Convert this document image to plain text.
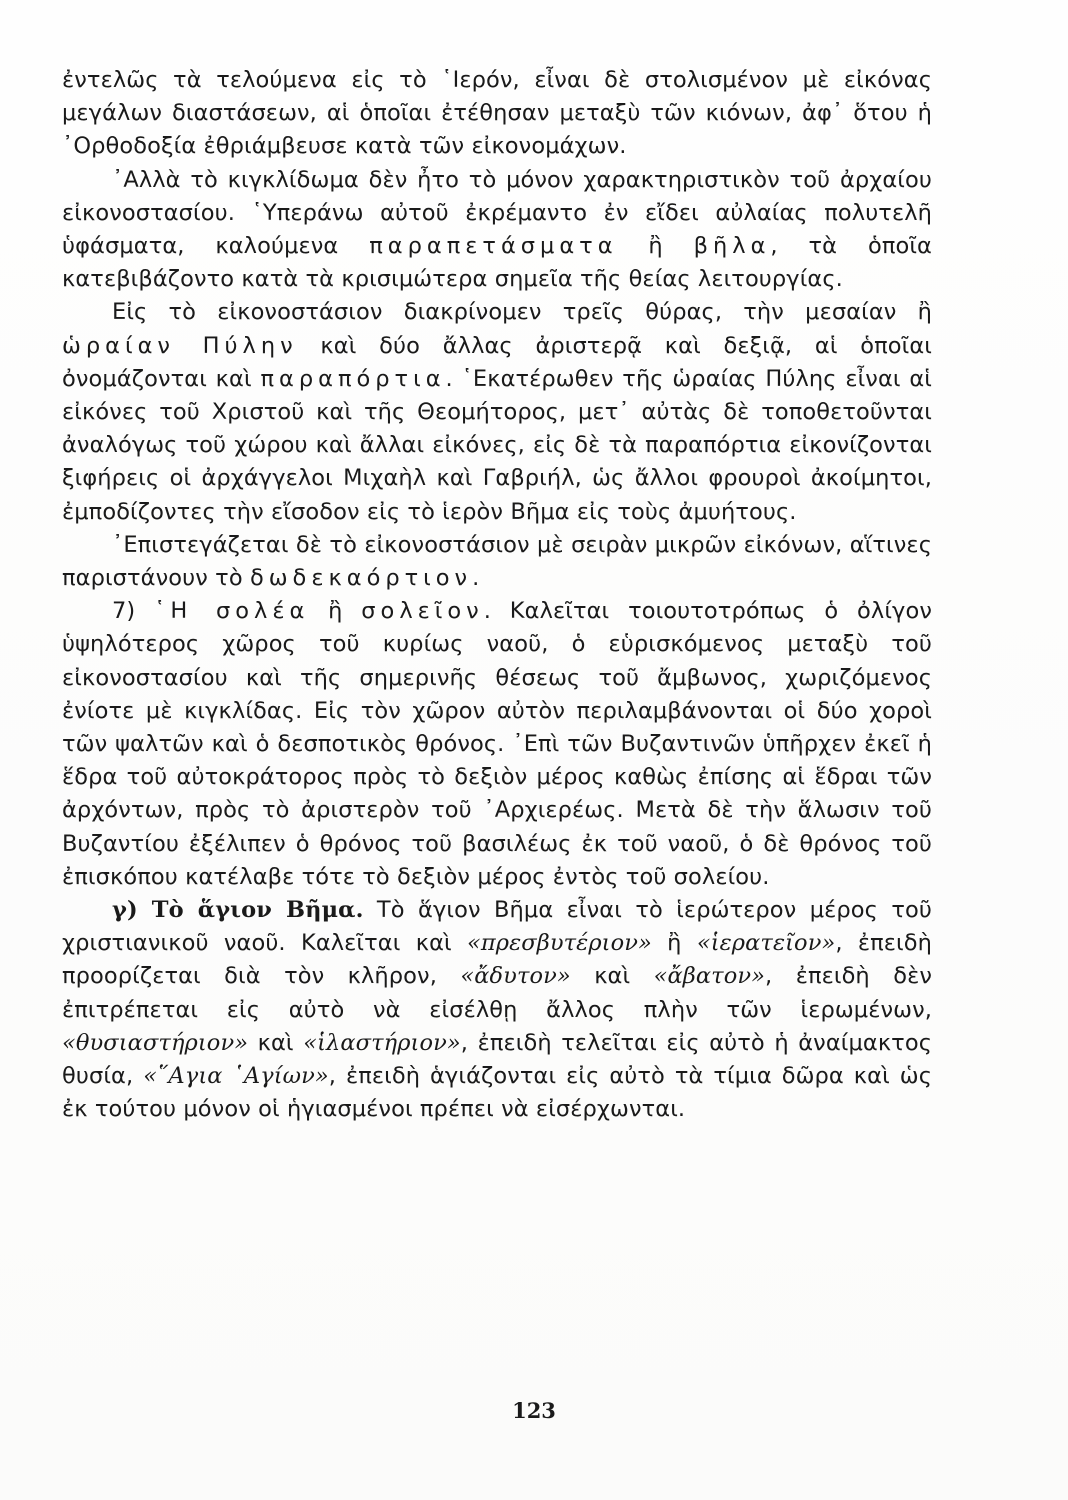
ἐντελῶς τὰ τελούμενα εἰς τὸ ῾Ιερόν, εἶναι δὲ στολισμένον μὲ εἰκόνας μεγάλων διαστάσεων, αἱ ὁποῖαι ἐτέθησαν μεταξὺ τῶν κιόνων, ἀφ᾿ ὅτου ἡ ᾿Ορθοδοξία ἐθριάμβευσε κατὰ τῶν εἰκονομάχων.

᾿Αλλὰ τὸ κιγκλίδωμα δὲν ἦτο τὸ μόνον χαρακτηριστικὸν τοῦ ἀρχαίου εἰκονοστασίου. ῾Υπεράνω αὐτοῦ ἐκρέμαντο ἐν εἴδει αὐλαίας πολυτελῆ ὑφάσματα, καλούμενα παραπετάσματα ἢ βῆλα, τὰ ὁποῖα κατεβιβάζοντο κατὰ τὰ κρισιμώτερα σημεῖα τῆς θείας λειτουργίας.

Εἰς τὸ εἰκονοστάσιον διακρίνομεν τρεῖς θύρας, τὴν μεσαίαν ἢ ὡραίαν Πύλην καὶ δύο ἄλλας ἀριστερᾷ καὶ δεξιᾷ, αἱ ὁποῖαι ὀνομάζονται καὶ παραπόρτια. ῾Εκατέρωθεν τῆς ὡραίας Πύλης εἶναι αἱ εἰκόνες τοῦ Χριστοῦ καὶ τῆς Θεομήτορος, μετ᾿ αὐτὰς δὲ τοποθετοῦνται ἀναλόγως τοῦ χώρου καὶ ἄλλαι εἰκόνες, εἰς δὲ τὰ παραπόρτια εἰκονίζονται ξιφήρεις οἱ ἀρχάγγελοι Μιχαὴλ καὶ Γαβριήλ, ὡς ἄλλοι φρουροὶ ἀκοίμητοι, ἐμποδίζοντες τὴν εἴσοδον εἰς τὸ ἱερὸν Βῆμα εἰς τοὺς ἀμυήτους.

᾿Επιστεγάζεται δὲ τὸ εἰκονοστάσιον μὲ σειρὰν μικρῶν εἰκόνων, αἵτινες παριστάνουν τὸ δωδεκαόρτιον.

7) ῾Η σολέα ἢ σολεῖον. Καλεῖται τοιουτοτρόπως ὁ ὀλίγον ὑψηλότερος χῶρος τοῦ κυρίως ναοῦ, ὁ εὑρισκόμενος μεταξὺ τοῦ εἰκονοστασίου καὶ τῆς σημερινῆς θέσεως τοῦ ἄμβωνος, χωριζόμενος ἐνίοτε μὲ κιγκλίδας. Εἰς τὸν χῶρον αὐτὸν περιλαμβάνονται οἱ δύο χοροὶ τῶν ψαλτῶν καὶ ὁ δεσποτικὸς θρόνος. ᾿Επὶ τῶν Βυζαντινῶν ὑπῆρχεν ἐκεῖ ἡ ἕδρα τοῦ αὐτοκράτορος πρὸς τὸ δεξιὸν μέρος καθὼς ἐπίσης αἱ ἕδραι τῶν ἀρχόντων, πρὸς τὸ ἀριστερὸν τοῦ ᾿Αρχιερέως. Μετὰ δὲ τὴν ἅλωσιν τοῦ Βυζαντίου ἐξέλιπεν ὁ θρόνος τοῦ βασιλέως ἐκ τοῦ ναοῦ, ὁ δὲ θρόνος τοῦ ἐπισκόπου κατέλαβε τότε τὸ δεξιὸν μέρος ἐντὸς τοῦ σολείου.

γ) Τὸ ἅγιον Βῆμα. Τὸ ἅγιον Βῆμα εἶναι τὸ ἱερώτερον μέρος τοῦ χριστιανικοῦ ναοῦ. Καλεῖται καὶ «πρεσβυτέριον» ἢ «ἱερατεῖον», ἐπειδὴ προορίζεται διὰ τὸν κλῆρον, «ἄδυτον» καὶ «ἄβατον», ἐπειδὴ δὲν ἐπιτρέπεται εἰς αὐτὸ νὰ εἰσέλθῃ ἄλλος πλὴν τῶν ἱερωμένων, «θυσιαστήριον» καὶ «ἱλαστήριον», ἐπειδὴ τελεῖται εἰς αὐτὸ ἡ ἀναίμακτος θυσία, «῞Αγια ῾Αγίων», ἐπειδὴ ἁγιάζονται εἰς αὐτὸ τὰ τίμια δῶρα καὶ ὡς ἐκ τούτου μόνον οἱ ἡγιασμένοι πρέπει νὰ εἰσέρχωνται.

123
